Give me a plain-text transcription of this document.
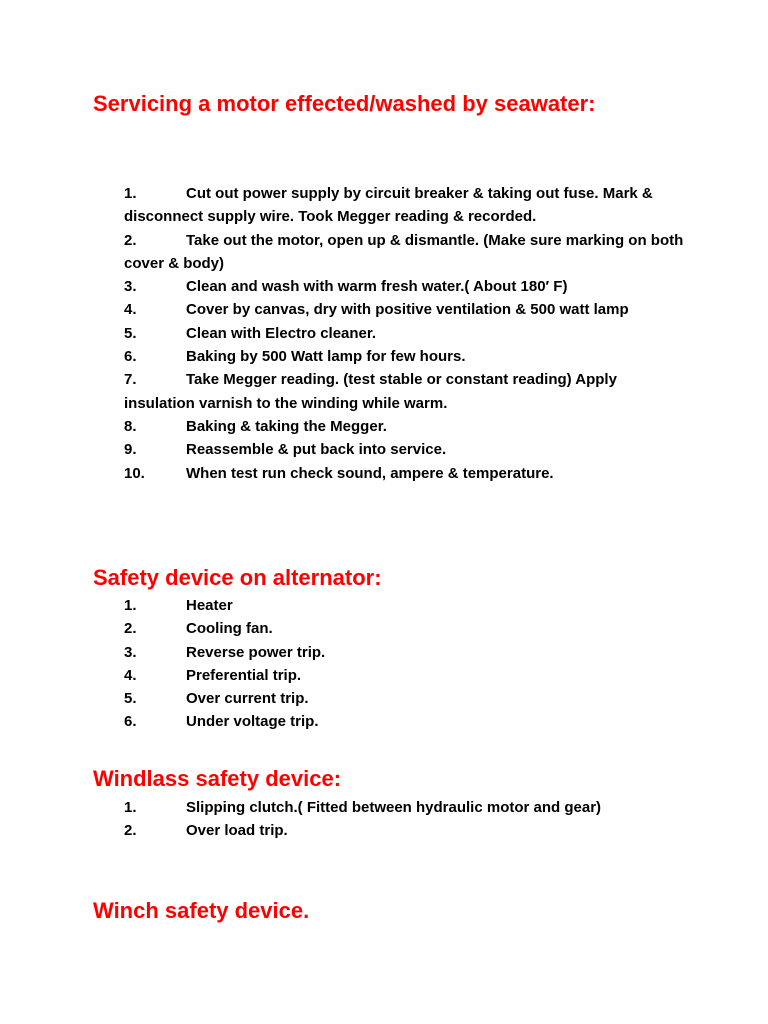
Servicing a motor effected/washed by seawater:
1.	Cut out power supply by circuit breaker & taking out fuse. Mark & disconnect supply wire. Took Megger reading & recorded.
2.	Take out the motor, open up & dismantle. (Make sure marking on both cover & body)
3.	Clean and wash with warm fresh water.( About 180′ F)
4.	Cover by canvas, dry with positive ventilation & 500 watt lamp
5.	Clean with Electro cleaner.
6.	Baking by 500 Watt lamp for few hours.
7.	Take Megger reading. (test stable or constant reading) Apply insulation varnish to the winding while warm.
8.	Baking & taking the Megger.
9.	Reassemble & put back into service.
10.	When test run check sound, ampere & temperature.
Safety device on alternator:
1.	Heater
2.	Cooling fan.
3.	Reverse power trip.
4.	Preferential trip.
5.	Over current trip.
6.	Under voltage trip.
Windlass safety device:
1.	Slipping clutch.( Fitted between hydraulic motor and gear)
2.	Over load trip.
Winch safety device.
